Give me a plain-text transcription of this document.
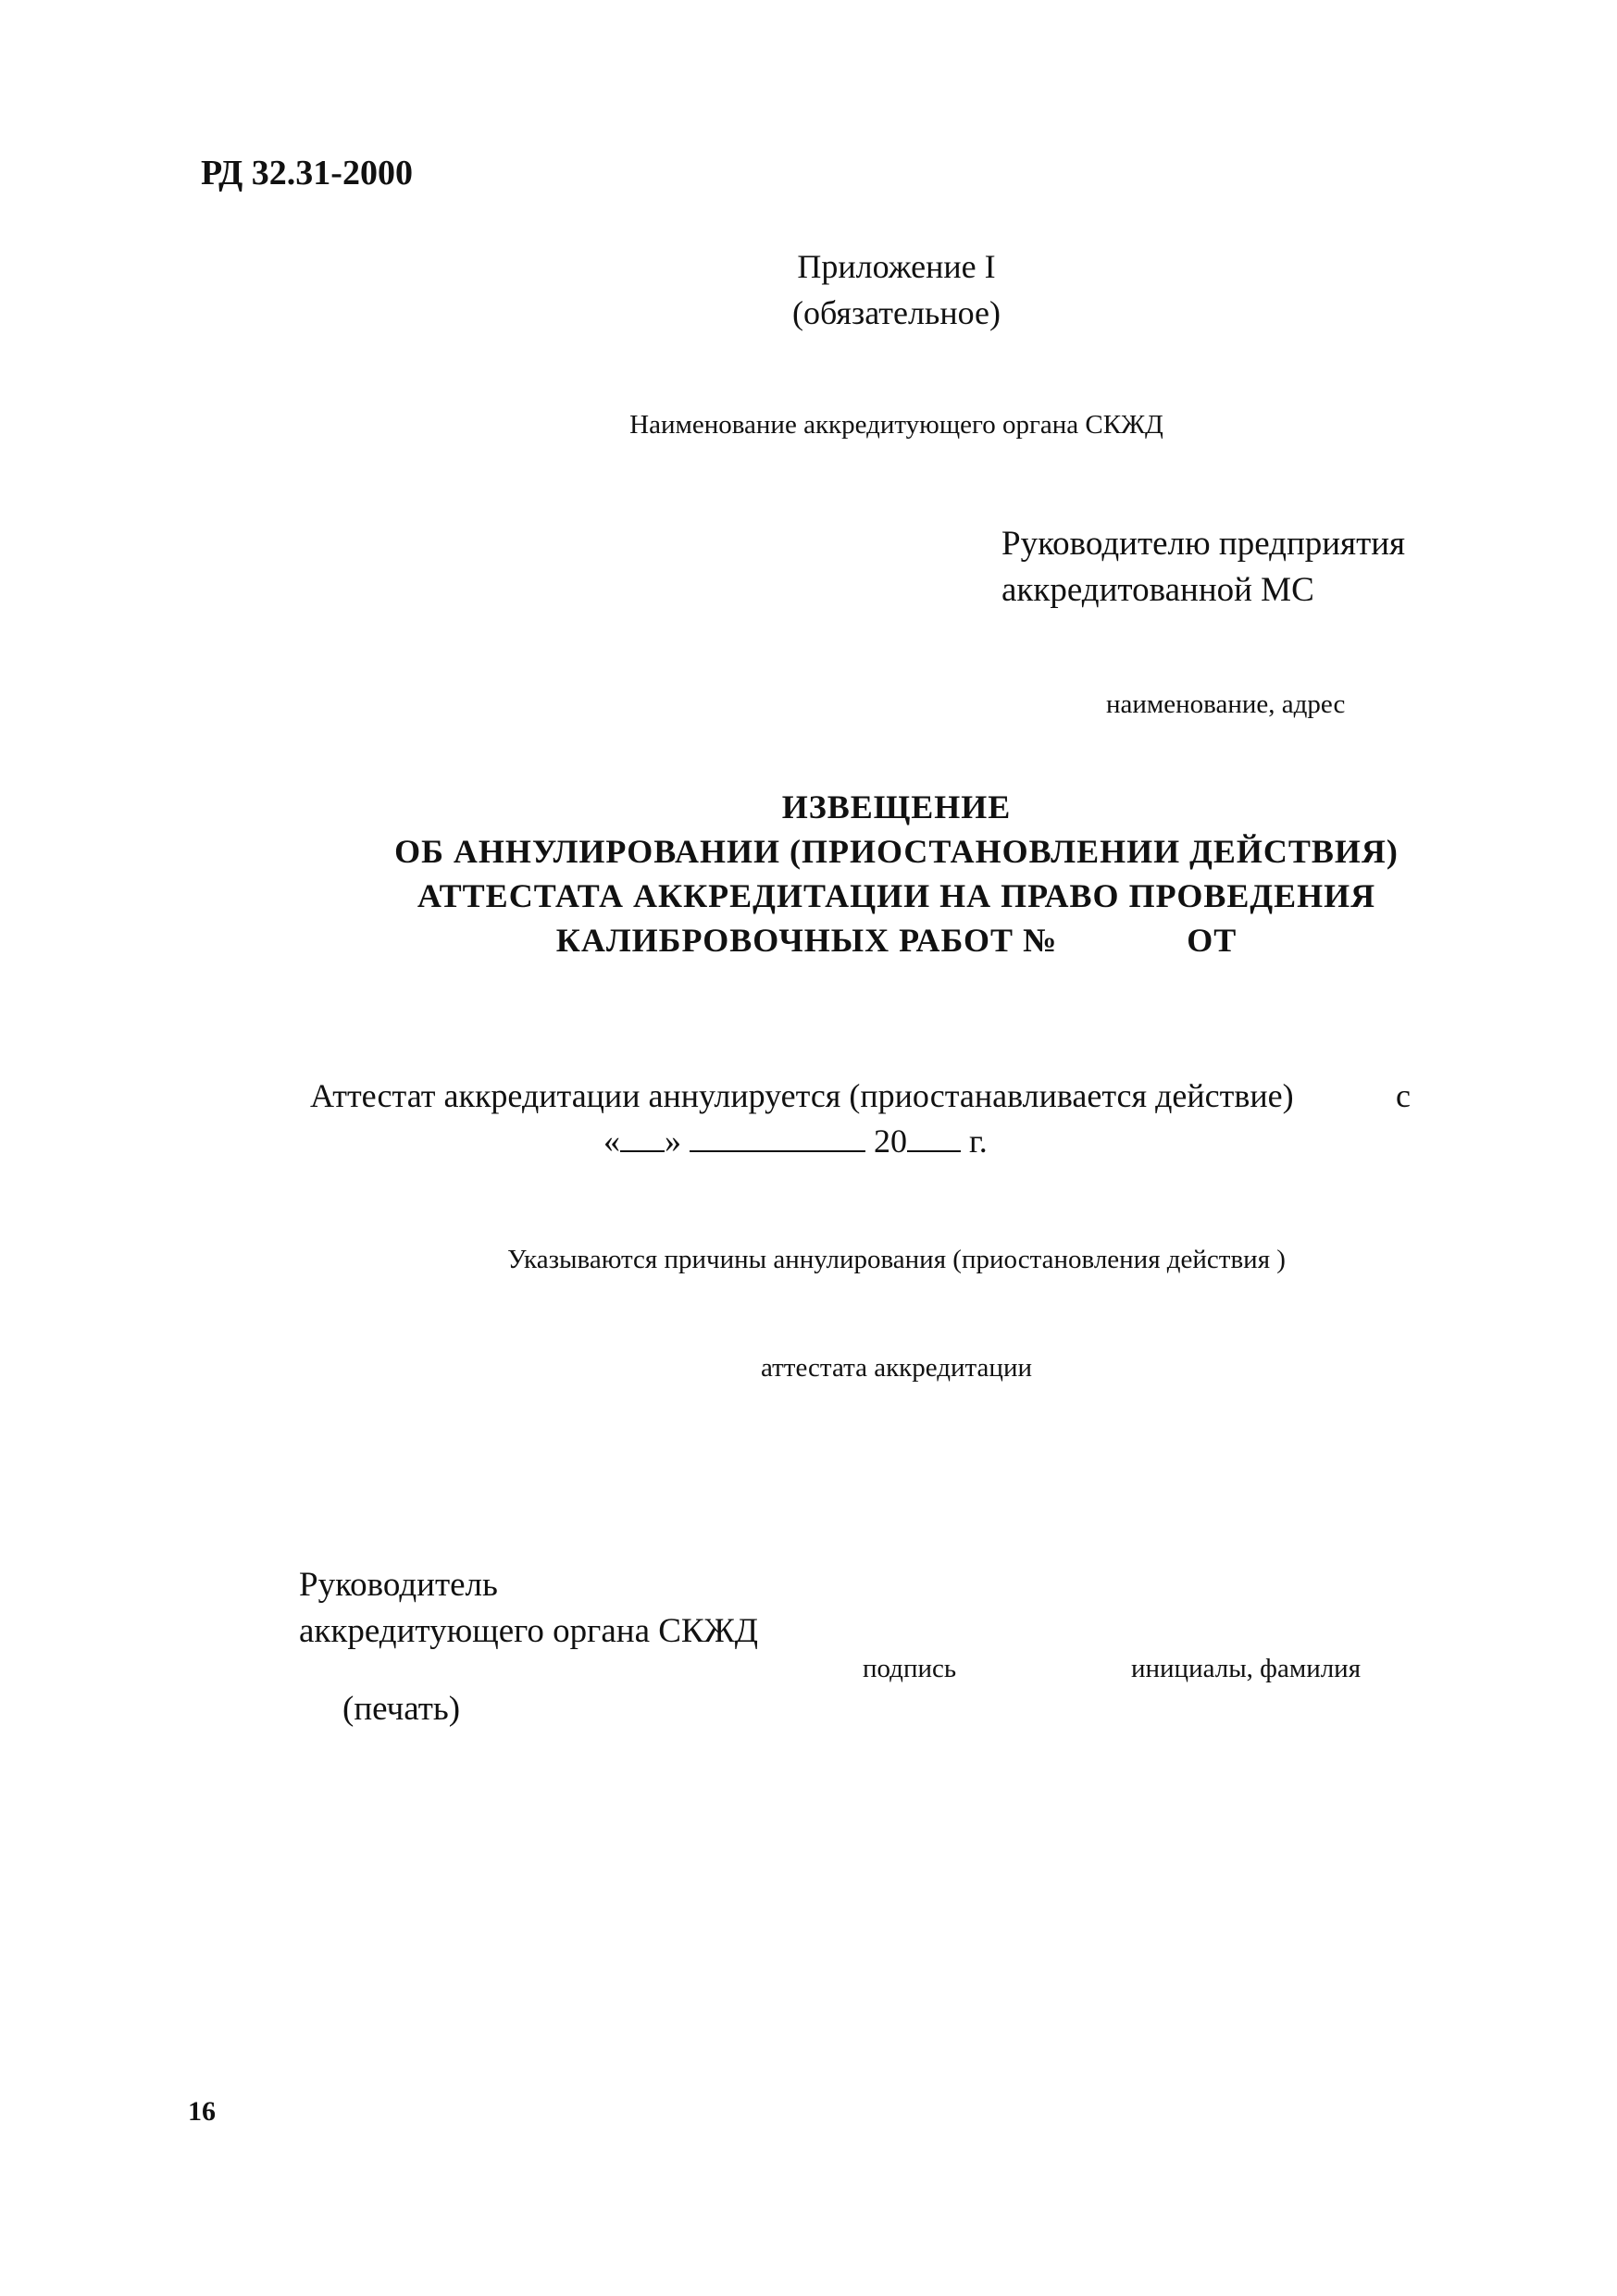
РД 32.31-2000
Приложение I
(обязательное)
Наименование аккредитующего органа СКЖД
Руководителю предприятия
аккредитованной МС
наименование, адрес
ИЗВЕЩЕНИЕ
ОБ АННУЛИРОВАНИИ (ПРИОСТАНОВЛЕНИИ ДЕЙСТВИЯ)
АТТЕСТАТА АККРЕДИТАЦИИ НА ПРАВО ПРОВЕДЕНИЯ
КАЛИБРОВОЧНЫХ РАБОТ №	ОТ
Аттестат аккредитации аннулируется (приостанавливается действие)	с
« »	20 г.
Указываются причины аннулирования (приостановления действия )
аттестата аккредитации
Руководитель
аккредитующего органа СКЖД
подпись	инициалы, фамилия
(печать)
16
